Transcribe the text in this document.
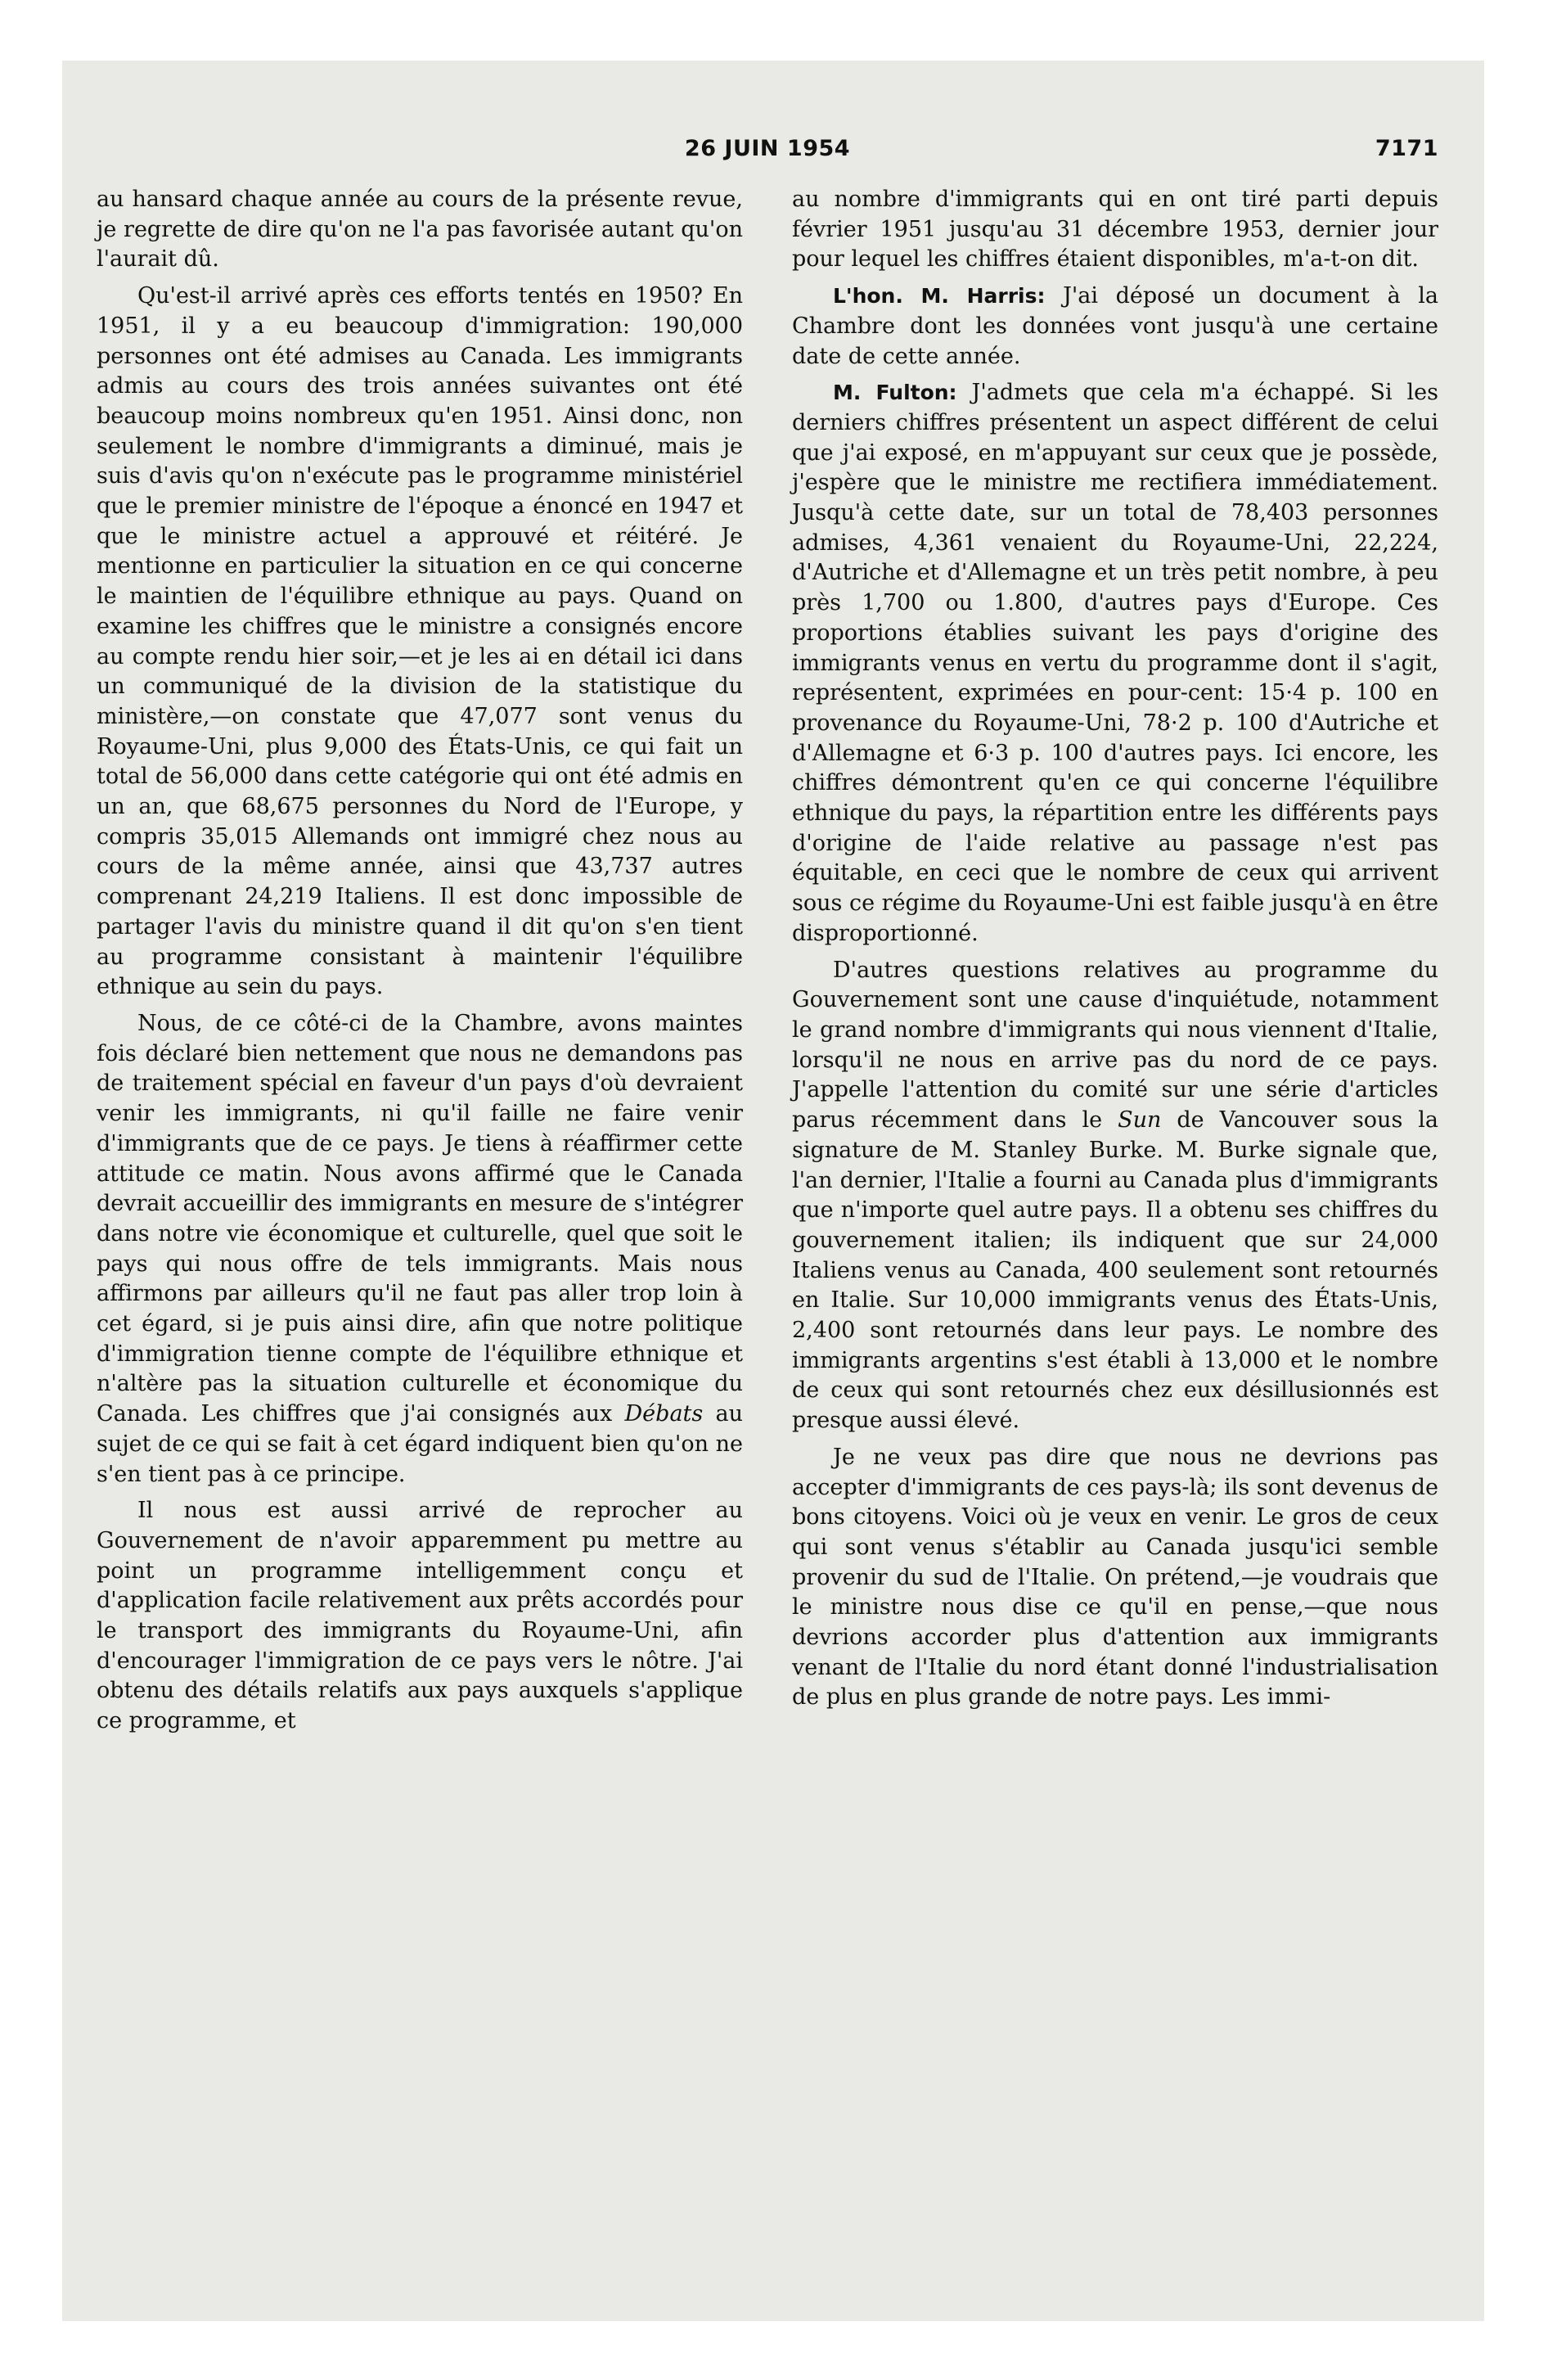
26 JUIN 1954	7171

au hansard chaque année au cours de la présente revue, je regrette de dire qu'on ne l'a pas favorisée autant qu'on l'aurait dû.

Qu'est-il arrivé après ces efforts tentés en 1950? En 1951, il y a eu beaucoup d'immigration: 190,000 personnes ont été admises au Canada. Les immigrants admis au cours des trois années suivantes ont été beaucoup moins nombreux qu'en 1951. Ainsi donc, non seulement le nombre d'immigrants a diminué, mais je suis d'avis qu'on n'exécute pas le programme ministériel que le premier ministre de l'époque a énoncé en 1947 et que le ministre actuel a approuvé et réitéré. Je mentionne en particulier la situation en ce qui concerne le maintien de l'équilibre ethnique au pays. Quand on examine les chiffres que le ministre a consignés encore au compte rendu hier soir,—et je les ai en détail ici dans un communiqué de la division de la statistique du ministère,—on constate que 47,077 sont venus du Royaume-Uni, plus 9,000 des États-Unis, ce qui fait un total de 56,000 dans cette catégorie qui ont été admis en un an, que 68,675 personnes du Nord de l'Europe, y compris 35,015 Allemands ont immigré chez nous au cours de la même année, ainsi que 43,737 autres comprenant 24,219 Italiens. Il est donc impossible de partager l'avis du ministre quand il dit qu'on s'en tient au programme consistant à maintenir l'équilibre ethnique au sein du pays.

Nous, de ce côté-ci de la Chambre, avons maintes fois déclaré bien nettement que nous ne demandons pas de traitement spécial en faveur d'un pays d'où devraient venir les immigrants, ni qu'il faille ne faire venir d'immigrants que de ce pays. Je tiens à réaffirmer cette attitude ce matin. Nous avons affirmé que le Canada devrait accueillir des immigrants en mesure de s'intégrer dans notre vie économique et culturelle, quel que soit le pays qui nous offre de tels immigrants. Mais nous affirmons par ailleurs qu'il ne faut pas aller trop loin à cet égard, si je puis ainsi dire, afin que notre politique d'immigration tienne compte de l'équilibre ethnique et n'altère pas la situation culturelle et économique du Canada. Les chiffres que j'ai consignés aux Débats au sujet de ce qui se fait à cet égard indiquent bien qu'on ne s'en tient pas à ce principe.

Il nous est aussi arrivé de reprocher au Gouvernement de n'avoir apparemment pu mettre au point un programme intelligemment conçu et d'application facile relativement aux prêts accordés pour le transport des immigrants du Royaume-Uni, afin d'encourager l'immigration de ce pays vers le nôtre. J'ai obtenu des détails relatifs aux pays auxquels s'applique ce programme, et

au nombre d'immigrants qui en ont tiré parti depuis février 1951 jusqu'au 31 décembre 1953, dernier jour pour lequel les chiffres étaient disponibles, m'a-t-on dit.

L'hon. M. Harris: J'ai déposé un document à la Chambre dont les données vont jusqu'à une certaine date de cette année.

M. Fulton: J'admets que cela m'a échappé. Si les derniers chiffres présentent un aspect différent de celui que j'ai exposé, en m'appuyant sur ceux que je possède, j'espère que le ministre me rectifiera immédiatement. Jusqu'à cette date, sur un total de 78,403 personnes admises, 4,361 venaient du Royaume-Uni, 22,224, d'Autriche et d'Allemagne et un très petit nombre, à peu près 1,700 ou 1.800, d'autres pays d'Europe. Ces proportions établies suivant les pays d'origine des immigrants venus en vertu du programme dont il s'agit, représentent, exprimées en pour-cent: 15·4 p. 100 en provenance du Royaume-Uni, 78·2 p. 100 d'Autriche et d'Allemagne et 6·3 p. 100 d'autres pays. Ici encore, les chiffres démontrent qu'en ce qui concerne l'équilibre ethnique du pays, la répartition entre les différents pays d'origine de l'aide relative au passage n'est pas équitable, en ceci que le nombre de ceux qui arrivent sous ce régime du Royaume-Uni est faible jusqu'à en être disproportionné.

D'autres questions relatives au programme du Gouvernement sont une cause d'inquiétude, notamment le grand nombre d'immigrants qui nous viennent d'Italie, lorsqu'il ne nous en arrive pas du nord de ce pays. J'appelle l'attention du comité sur une série d'articles parus récemment dans le Sun de Vancouver sous la signature de M. Stanley Burke. M. Burke signale que, l'an dernier, l'Italie a fourni au Canada plus d'immigrants que n'importe quel autre pays. Il a obtenu ses chiffres du gouvernement italien; ils indiquent que sur 24,000 Italiens venus au Canada, 400 seulement sont retournés en Italie. Sur 10,000 immigrants venus des États-Unis, 2,400 sont retournés dans leur pays. Le nombre des immigrants argentins s'est établi à 13,000 et le nombre de ceux qui sont retournés chez eux désillusionnés est presque aussi élevé.

Je ne veux pas dire que nous ne devrions pas accepter d'immigrants de ces pays-là; ils sont devenus de bons citoyens. Voici où je veux en venir. Le gros de ceux qui sont venus s'établir au Canada jusqu'ici semble provenir du sud de l'Italie. On prétend,—je voudrais que le ministre nous dise ce qu'il en pense,—que nous devrions accorder plus d'attention aux immigrants venant de l'Italie du nord étant donné l'industrialisation de plus en plus grande de notre pays. Les immi-
